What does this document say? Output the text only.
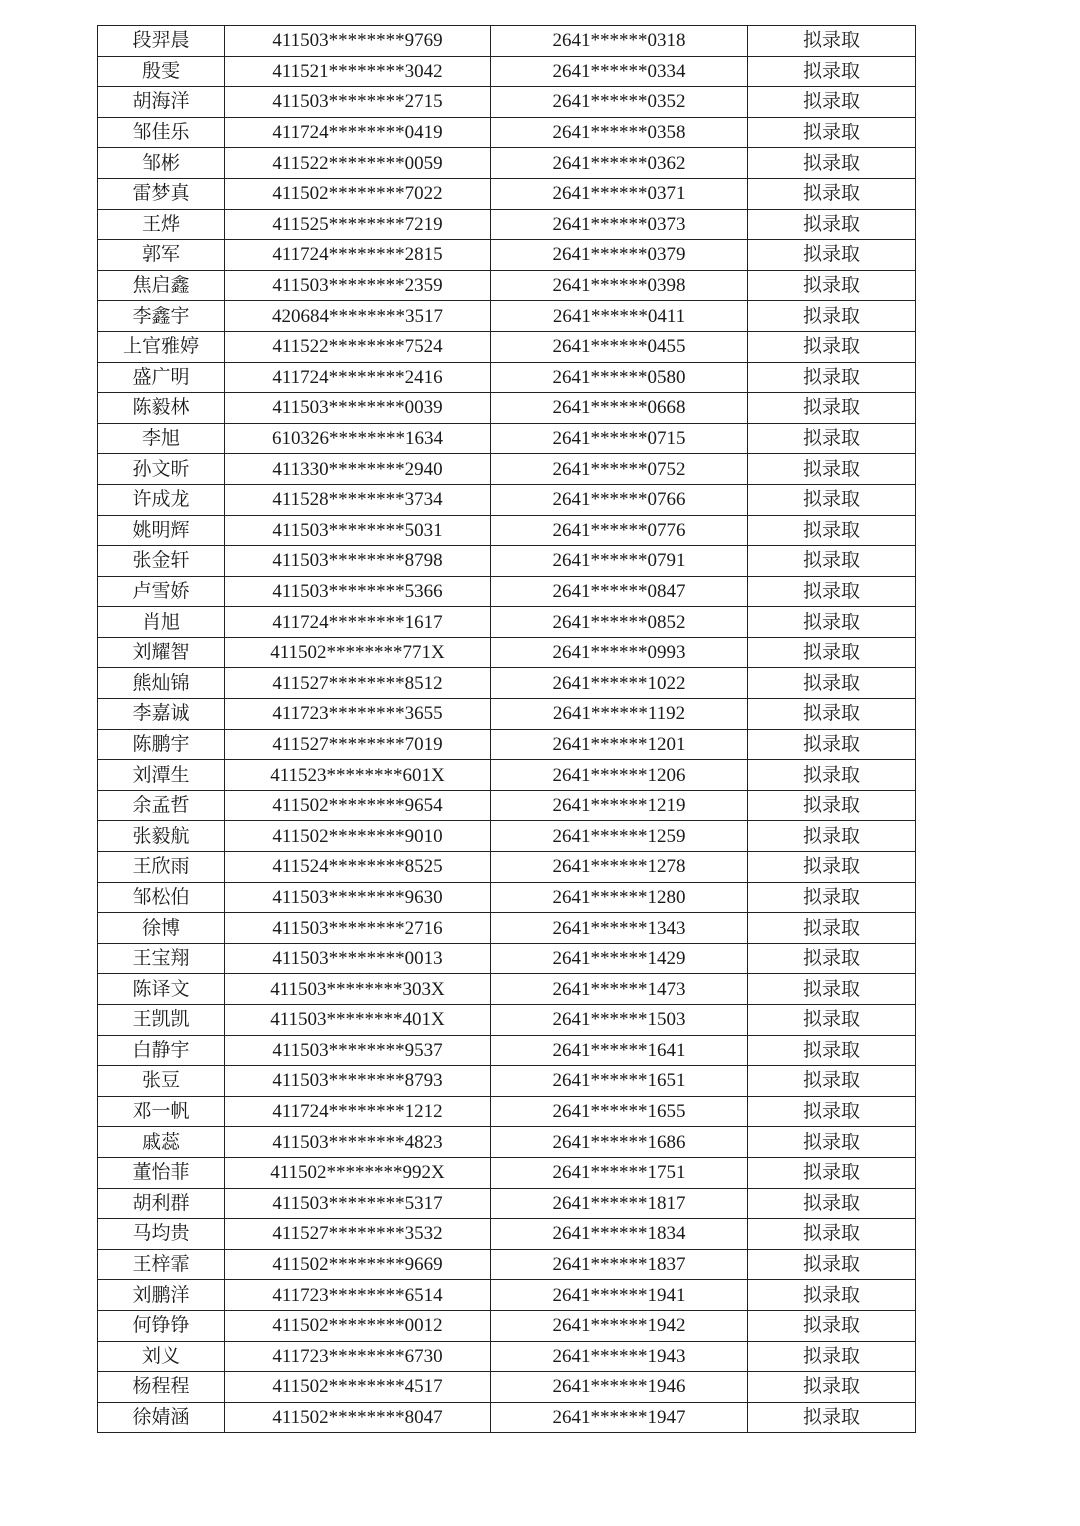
段羿晨	411503********9769	2641******0318	拟录取
殷雯	411521********3042	2641******0334	拟录取
胡海洋	411503********2715	2641******0352	拟录取
邹佳乐	411724********0419	2641******0358	拟录取
邹彬	411522********0059	2641******0362	拟录取
雷梦真	411502********7022	2641******0371	拟录取
王烨	411525********7219	2641******0373	拟录取
郭军	411724********2815	2641******0379	拟录取
焦启鑫	411503********2359	2641******0398	拟录取
李鑫宇	420684********3517	2641******0411	拟录取
上官雅婷	411522********7524	2641******0455	拟录取
盛广明	411724********2416	2641******0580	拟录取
陈毅林	411503********0039	2641******0668	拟录取
李旭	610326********1634	2641******0715	拟录取
孙文昕	411330********2940	2641******0752	拟录取
许成龙	411528********3734	2641******0766	拟录取
姚明辉	411503********5031	2641******0776	拟录取
张金轩	411503********8798	2641******0791	拟录取
卢雪娇	411503********5366	2641******0847	拟录取
肖旭	411724********1617	2641******0852	拟录取
刘耀智	411502********771X	2641******0993	拟录取
熊灿锦	411527********8512	2641******1022	拟录取
李嘉诚	411723********3655	2641******1192	拟录取
陈鹏宇	411527********7019	2641******1201	拟录取
刘潭生	411523********601X	2641******1206	拟录取
余孟哲	411502********9654	2641******1219	拟录取
张毅航	411502********9010	2641******1259	拟录取
王欣雨	411524********8525	2641******1278	拟录取
邹松伯	411503********9630	2641******1280	拟录取
徐博	411503********2716	2641******1343	拟录取
王宝翔	411503********0013	2641******1429	拟录取
陈译文	411503********303X	2641******1473	拟录取
王凯凯	411503********401X	2641******1503	拟录取
白静宇	411503********9537	2641******1641	拟录取
张豆	411503********8793	2641******1651	拟录取
邓一帆	411724********1212	2641******1655	拟录取
戚蕊	411503********4823	2641******1686	拟录取
董怡菲	411502********992X	2641******1751	拟录取
胡利群	411503********5317	2641******1817	拟录取
马均贵	411527********3532	2641******1834	拟录取
王梓霏	411502********9669	2641******1837	拟录取
刘鹏洋	411723********6514	2641******1941	拟录取
何铮铮	411502********0012	2641******1942	拟录取
刘义	411723********6730	2641******1943	拟录取
杨程程	411502********4517	2641******1946	拟录取
徐婧涵	411502********8047	2641******1947	拟录取
